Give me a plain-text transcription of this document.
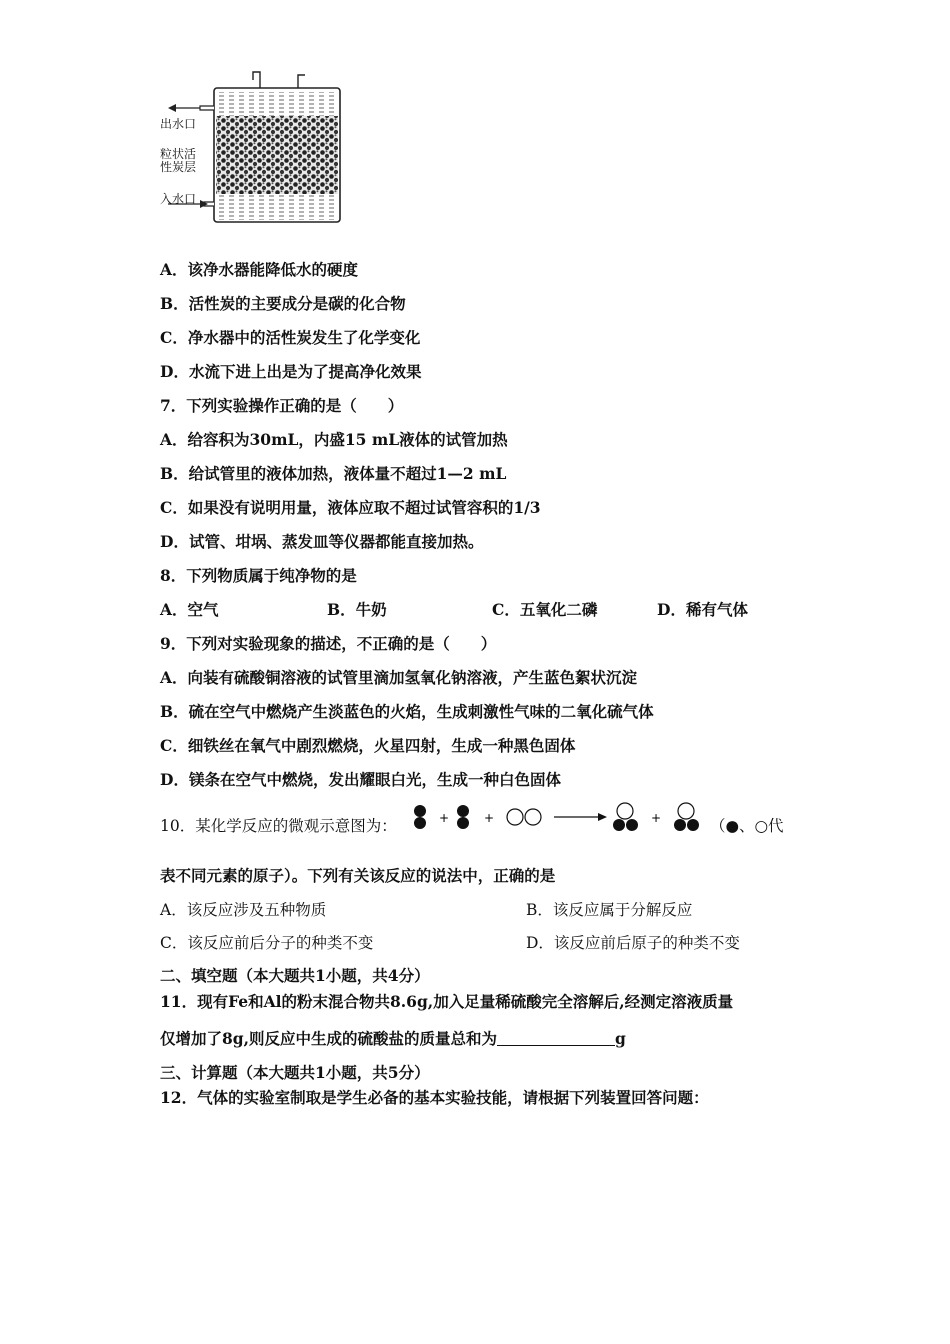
出水口
粒状活性炭层
入水口
A．该净水器能降低水的硬度
B．活性炭的主要成分是碳的化合物
C．净水器中的活性炭发生了化学变化
D．水流下进上出是为了提高净化效果
7．下列实验操作正确的是（　　）
A．给容积为30mL，内盛15 mL液体的试管加热
B．给试管里的液体加热，液体量不超过1—2 mL
C．如果没有说明用量，液体应取不超过试管容积的1/3
D．试管、坩埚、蒸发皿等仪器都能直接加热。
8．下列物质属于纯净物的是
A．空气	B．牛奶	C．五氧化二磷	D．稀有气体
9．下列对实验现象的描述，不正确的是（　　）
A．向装有硫酸铜溶液的试管里滴加氢氧化钠溶液，产生蓝色絮状沉淀
B．硫在空气中燃烧产生淡蓝色的火焰，生成刺激性气味的二氧化硫气体
C．细铁丝在氧气中剧烈燃烧，火星四射，生成一种黑色固体
D．镁条在空气中燃烧，发出耀眼白光，生成一种白色固体
10．某化学反应的微观示意图为：	+	+	+	（●、○代
表不同元素的原子）。下列有关该反应的说法中，正确的是
A．该反应涉及五种物质	B．该反应属于分解反应
C．该反应前后分子的种类不变	D．该反应前后原子的种类不变
二、填空题（本大题共1小题，共4分）
11．现有Fe和Al的粉末混合物共8.6g,加入足量稀硫酸完全溶解后,经测定溶液质量
仅增加了8g,则反应中生成的硫酸盐的质量总和为	g
三、计算题（本大题共1小题，共5分）
12．气体的实验室制取是学生必备的基本实验技能，请根据下列装置回答问题：
